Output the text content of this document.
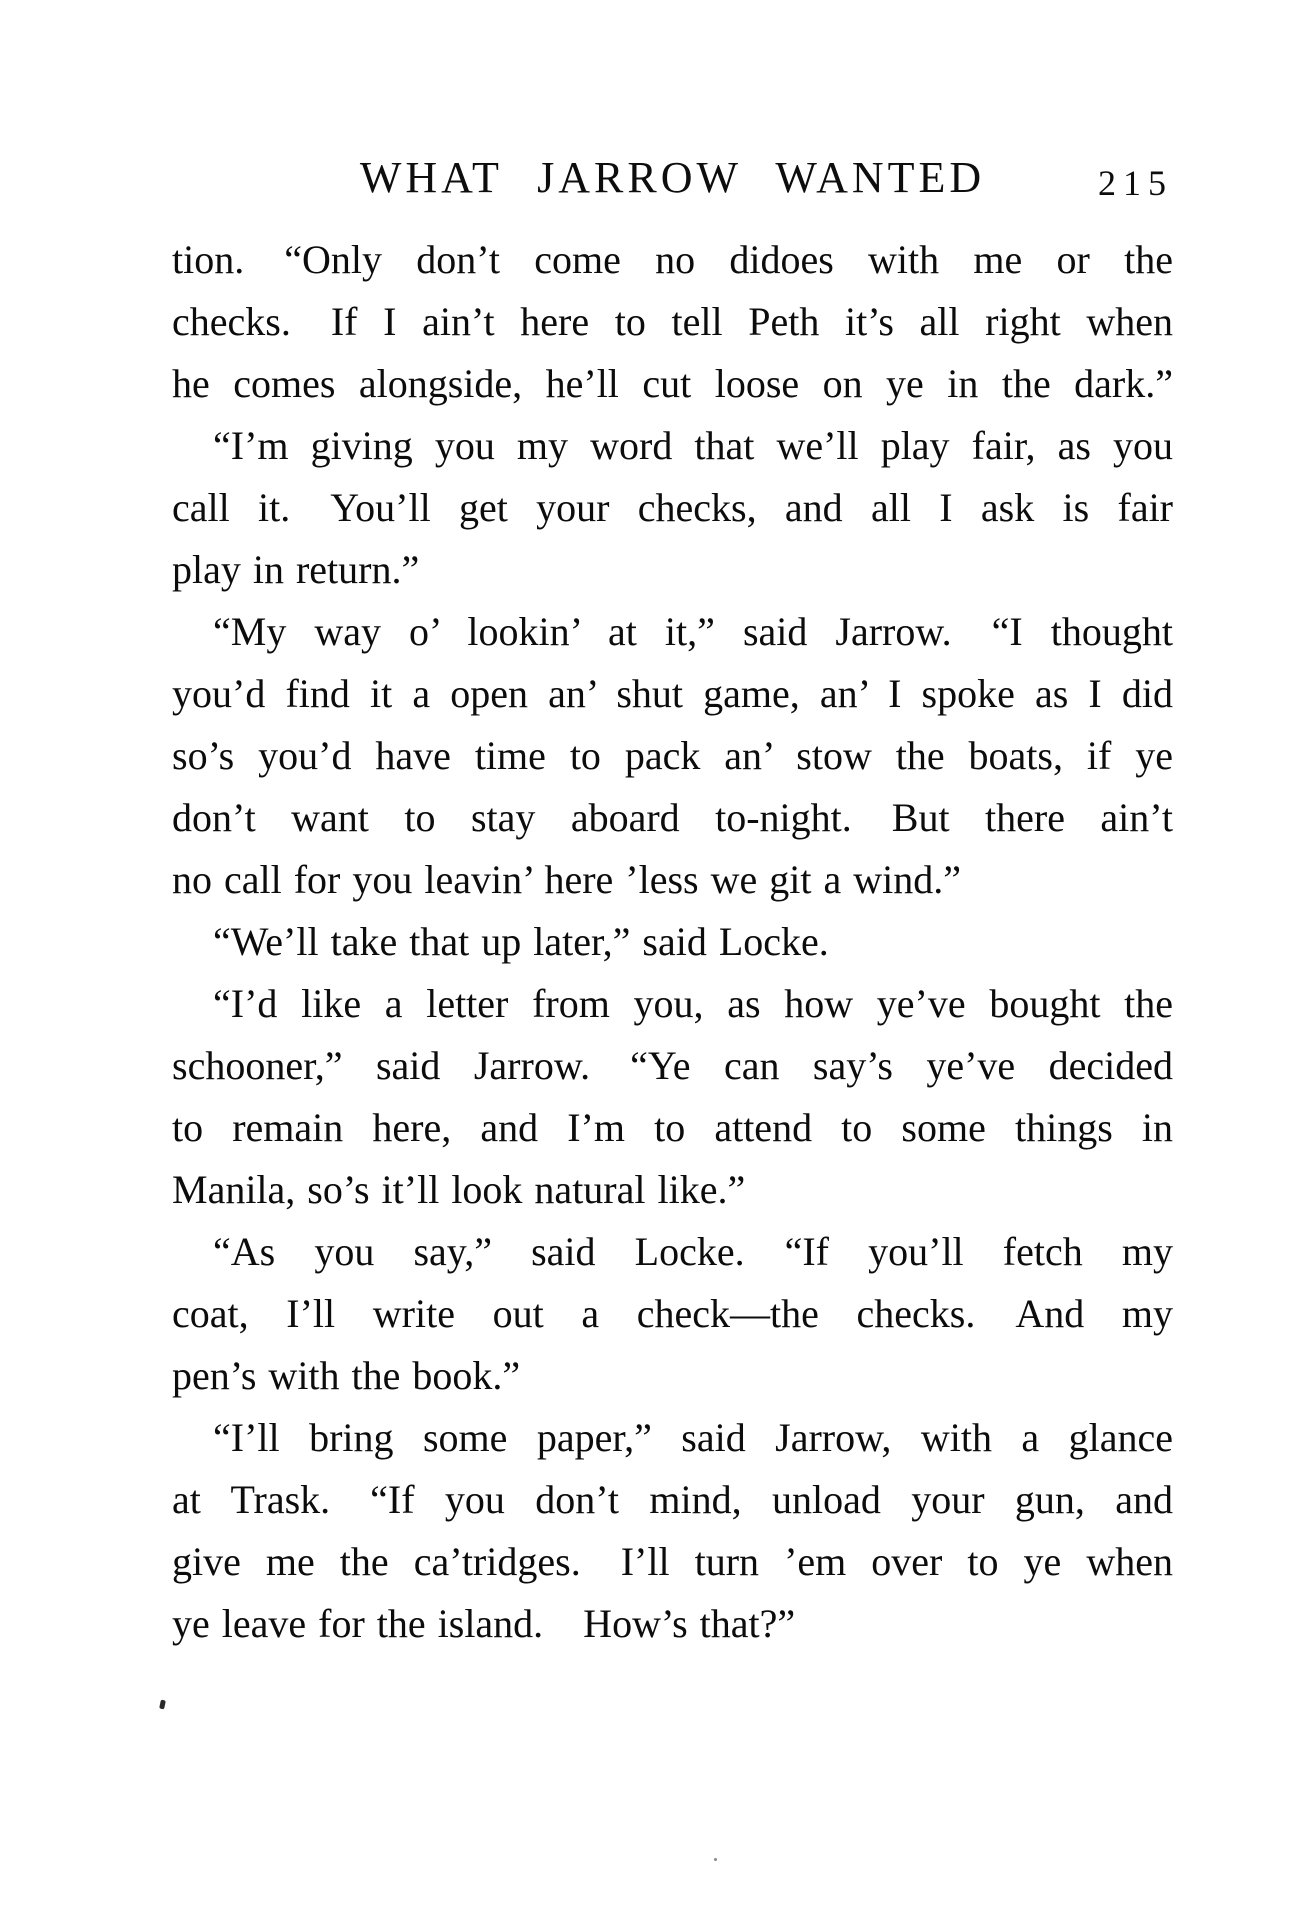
WHAT JARROW WANTED	215
tion. “Only don’t come no didoes with me or the
checks. If I ain’t here to tell Peth it’s all right when
he comes alongside, he’ll cut loose on ye in the dark.”
“I’m giving you my word that we’ll play fair, as you
call it. You’ll get your checks, and all I ask is fair
play in return.”
“My way o’ lookin’ at it,” said Jarrow. “I thought
you’d find it a open an’ shut game, an’ I spoke as I did
so’s you’d have time to pack an’ stow the boats, if ye
don’t want to stay aboard to-night. But there ain’t
no call for you leavin’ here ’less we git a wind.”
“We’ll take that up later,” said Locke.
“I’d like a letter from you, as how ye’ve bought the
schooner,” said Jarrow. “Ye can say’s ye’ve decided
to remain here, and I’m to attend to some things in
Manila, so’s it’ll look natural like.”
“As you say,” said Locke. “If you’ll fetch my
coat, I’ll write out a check—the checks. And my
pen’s with the book.”
“I’ll bring some paper,” said Jarrow, with a glance
at Trask. “If you don’t mind, unload your gun, and
give me the ca’tridges. I’ll turn ’em over to ye when
ye leave for the island. How’s that?”
